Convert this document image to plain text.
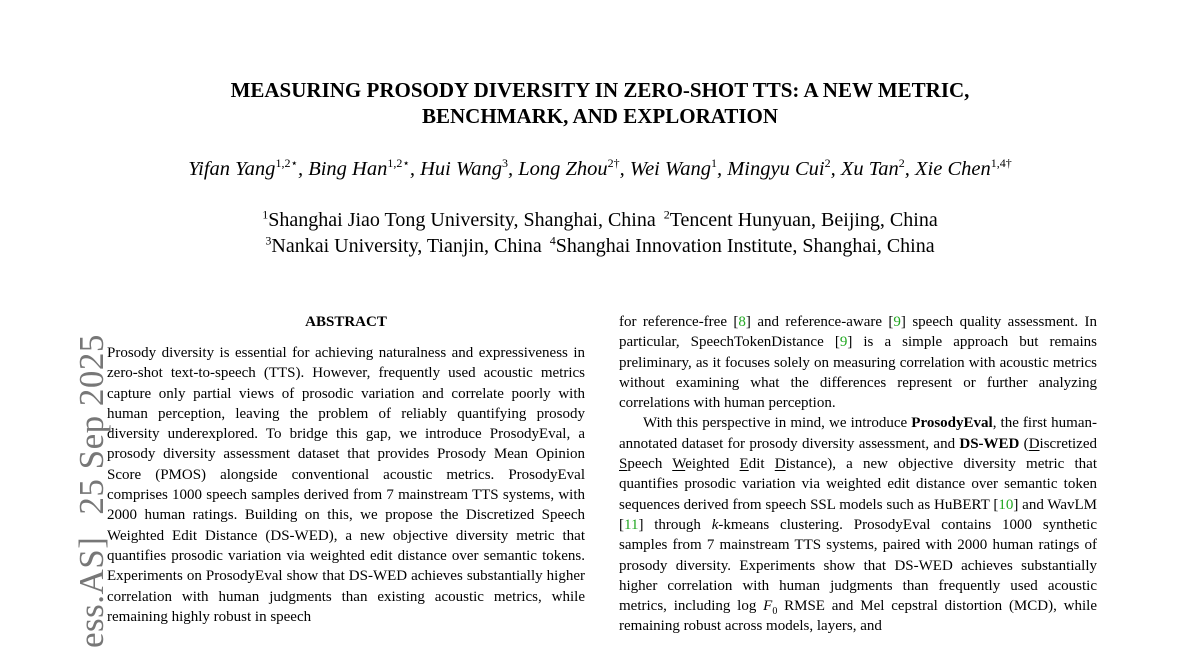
ess.AS]25 Sep 2025
MEASURING PROSODY DIVERSITY IN ZERO-SHOT TTS: A NEW METRIC,
BENCHMARK, AND EXPLORATION
Yifan Yang$^{1,2⋆}$, Bing Han$^{1,2⋆}$, Hui Wang$^3$, Long Zhou$^{2\dagger}$, Wei Wang$^1$, Mingyu Cui$^2$, Xu Tan$^2$, Xie Chen$^{1,4\dagger}$
$^1$Shanghai Jiao Tong University, Shanghai, China $^2$Tencent Hunyuan, Beijing, China
$^3$Nankai University, Tianjin, China $^4$Shanghai Innovation Institute, Shanghai, China
ABSTRACT

Prosody diversity is essential for achieving naturalness and expressiveness in zero-shot text-to-speech (TTS). However, frequently used acoustic metrics capture only partial views of prosodic variation and correlate poorly with human perception, leaving the problem of reliably quantifying prosody diversity underexplored. To bridge this gap, we introduce ProsodyEval, a prosody diversity assessment dataset that provides Prosody Mean Opinion Score (PMOS) alongside conventional acoustic metrics. ProsodyEval comprises 1000 speech samples derived from 7 mainstream TTS systems, with 2000 human ratings. Building on this, we propose the Discretized Speech Weighted Edit Distance (DS-WED), a new objective diversity metric that quantifies prosodic variation via weighted edit distance over semantic tokens. Experiments on ProsodyEval show that DS-WED achieves substantially higher correlation with human judgments than existing acoustic metrics, while remaining highly robust in speech

for reference-free [8] and reference-aware [9] speech quality assessment. In particular, SpeechTokenDistance [9] is a simple approach but remains preliminary, as it focuses solely on measuring correlation with acoustic metrics without examining what the differences represent or further analyzing correlations with human perception.

With this perspective in mind, we introduce ProsodyEval, the first human-annotated dataset for prosody diversity assessment, and DS-WED (Discretized Speech Weighted Edit Distance), a new objective diversity metric that quantifies prosodic variation via weighted edit distance over semantic token sequences derived from speech SSL models such as HuBERT [10] and WavLM [11] through k-kmeans clustering. ProsodyEval contains 1000 synthetic samples from 7 mainstream TTS systems, paired with 2000 human ratings of prosody diversity. Experiments show that DS-WED achieves substantially higher correlation with human judgments than frequently used acoustic metrics, including $\log F_0$ RMSE and Mel cepstral distortion (MCD), while remaining robust across models, layers, and
